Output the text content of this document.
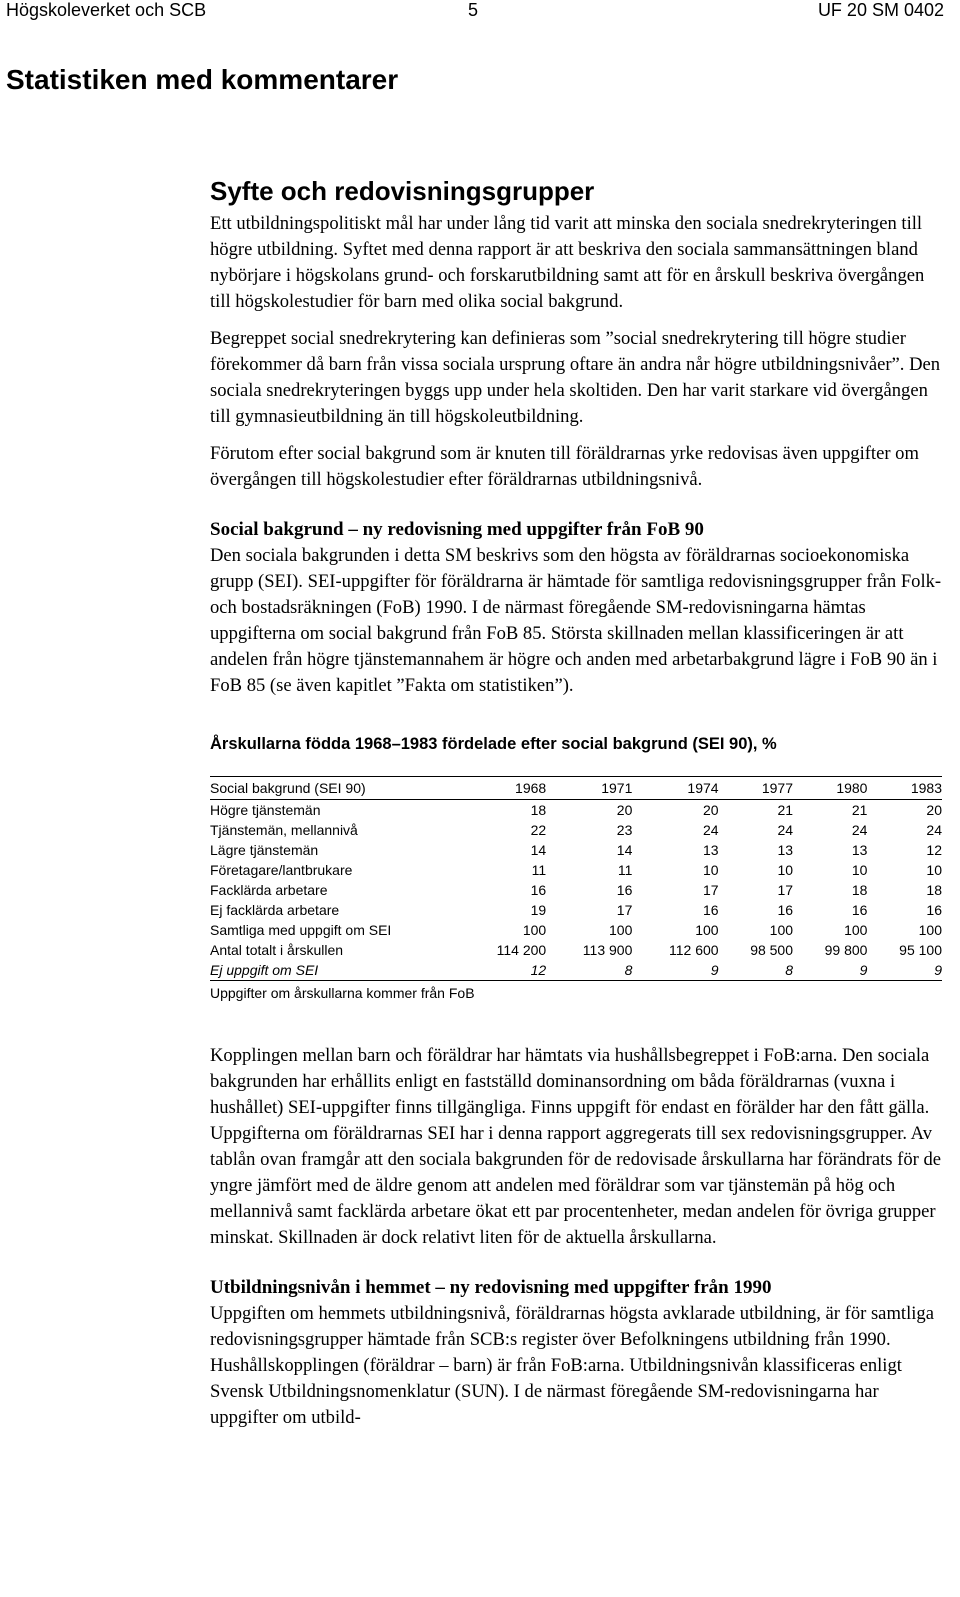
Högskoleverket och SCB	5	UF 20 SM 0402
Statistiken med kommentarer
Syfte och redovisningsgrupper

Ett utbildningspolitiskt mål har under lång tid varit att minska den sociala snedrekryteringen till högre utbildning. Syftet med denna rapport är att beskriva den sociala sammansättningen bland nybörjare i högskolans grund- och forskarutbildning samt att för en årskull beskriva övergången till högskolestudier för barn med olika social bakgrund.

Begreppet social snedrekrytering kan definieras som ”social snedrekrytering till högre studier förekommer då barn från vissa sociala ursprung oftare än andra når högre utbildningsnivåer”. Den sociala snedrekryteringen byggs upp under hela skoltiden. Den har varit starkare vid övergången till gymnasieutbildning än till högskoleutbildning.

Förutom efter social bakgrund som är knuten till föräldrarnas yrke redovisas även uppgifter om övergången till högskolestudier efter föräldrarnas utbildningsnivå.

Social bakgrund – ny redovisning med uppgifter från FoB 90

Den sociala bakgrunden i detta SM beskrivs som den högsta av föräldrarnas socioekonomiska grupp (SEI). SEI-uppgifter för föräldrarna är hämtade för samtliga redovisningsgrupper från Folk- och bostadsräkningen (FoB) 1990. I de närmast föregående SM-redovisningarna hämtas uppgifterna om social bakgrund från FoB 85. Största skillnaden mellan klassificeringen är att andelen från högre tjänstemannahem är högre och anden med arbetarbakgrund lägre i FoB 90 än i FoB 85 (se även kapitlet ”Fakta om statistiken”).

Årskullarna födda 1968–1983 fördelade efter social bakgrund (SEI 90), %

Social bakgrund (SEI 90)	1968	1971	1974	1977	1980	1983
Högre tjänstemän	18	20	20	21	21	20
Tjänstemän, mellannivå	22	23	24	24	24	24
Lägre tjänstemän	14	14	13	13	13	12
Företagare/lantbrukare	11	11	10	10	10	10
Facklärda arbetare	16	16	17	17	18	18
Ej facklärda arbetare	19	17	16	16	16	16
Samtliga med uppgift om SEI	100	100	100	100	100	100
Antal totalt i årskullen	114 200	113 900	112 600	98 500	99 800	95 100
Ej uppgift om SEI	12	8	9	8	9	9

Uppgifter om årskullarna kommer från FoB

Kopplingen mellan barn och föräldrar har hämtats via hushållsbegreppet i FoB:arna. Den sociala bakgrunden har erhållits enligt en fastställd dominansordning om båda föräldrarnas (vuxna i hushållet) SEI-uppgifter finns tillgängliga. Finns uppgift för endast en förälder har den fått gälla. Uppgifterna om föräldrarnas SEI har i denna rapport aggregerats till sex redovisningsgrupper. Av tablån ovan framgår att den sociala bakgrunden för de redovisade årskullarna har förändrats för de yngre jämfört med de äldre genom att andelen med föräldrar som var tjänstemän på hög och mellannivå samt facklärda arbetare ökat ett par procentenheter, medan andelen för övriga grupper minskat. Skillnaden är dock relativt liten för de aktuella årskullarna.

Utbildningsnivån i hemmet – ny redovisning med uppgifter från 1990

Uppgiften om hemmets utbildningsnivå, föräldrarnas högsta avklarade utbildning, är för samtliga redovisningsgrupper hämtade från SCB:s register över Befolkningens utbildning från 1990. Hushållskopplingen (föräldrar – barn) är från FoB:arna. Utbildningsnivån klassificeras enligt Svensk Utbildningsnomenklatur (SUN). I de närmast föregående SM-redovisningarna har uppgifter om utbild-
